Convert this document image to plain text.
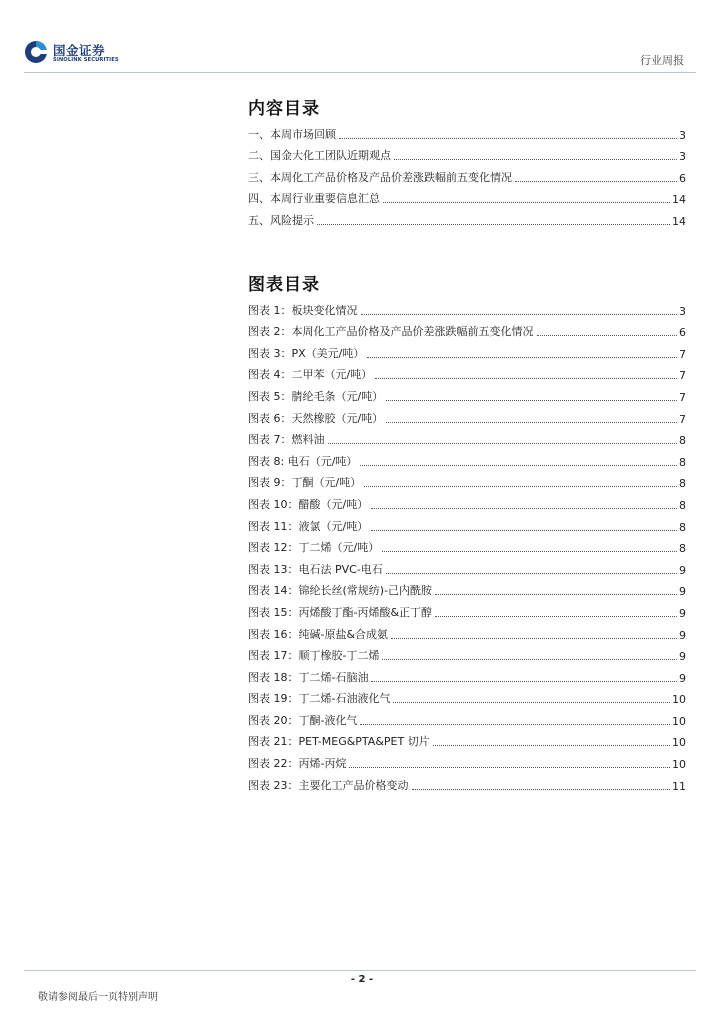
国金证券
SINOLINK SECURITIES	行业周报
内容目录
一、本周市场回顾	3
二、国金大化工团队近期观点	3
三、本周化工产品价格及产品价差涨跌幅前五变化情况	6
四、本周行业重要信息汇总	14
五、风险提示	14
图表目录
图表 1：板块变化情况	3
图表 2：本周化工产品价格及产品价差涨跌幅前五变化情况	6
图表 3：PX（美元/吨）	7
图表 4：二甲苯（元/吨）	7
图表 5：腈纶毛条（元/吨）	7
图表 6：天然橡胶（元/吨）	7
图表 7：燃料油	8
图表 8: 电石（元/吨）	8
图表 9：丁酮（元/吨）	8
图表 10：醋酸（元/吨）	8
图表 11：液氯（元/吨）	8
图表 12：丁二烯（元/吨）	8
图表 13：电石法 PVC-电石	9
图表 14：锦纶长丝(常规纺)-己内酰胺	9
图表 15：丙烯酸丁酯-丙烯酸&正丁醇	9
图表 16：纯碱-原盐&合成氨	9
图表 17：顺丁橡胶-丁二烯	9
图表 18：丁二烯-石脑油	9
图表 19：丁二烯-石油液化气	10
图表 20：丁酮-液化气	10
图表 21：PET-MEG&PTA&PET 切片	10
图表 22：丙烯-丙烷	10
图表 23：主要化工产品价格变动	11
- 2 -
敬请参阅最后一页特别声明
